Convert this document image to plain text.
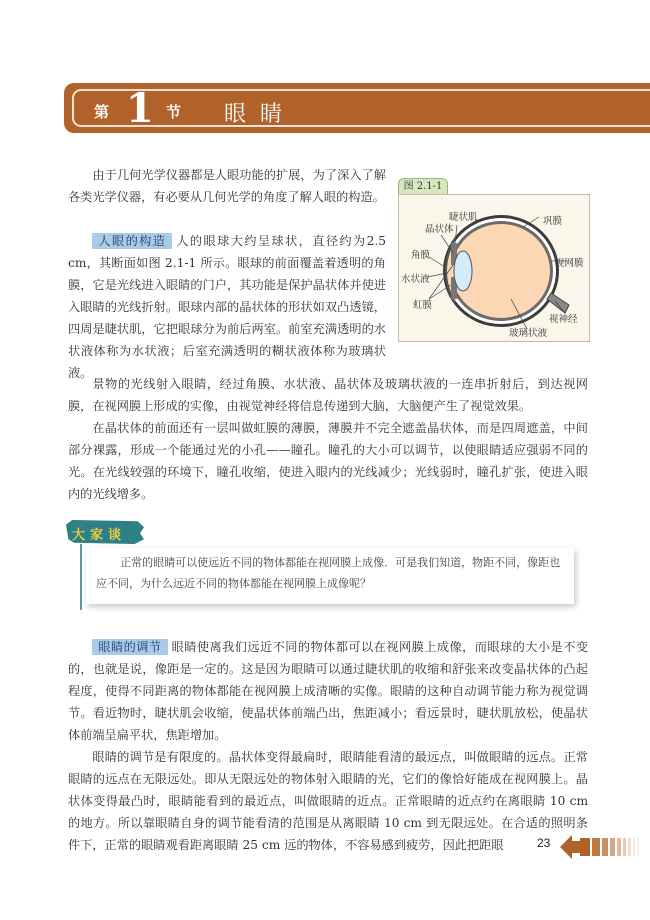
第 1 节 眼睛
由于几何光学仪器都是人眼功能的扩展，为了深入了解各类光学仪器，有必要从几何光学的角度了解人眼的构造。
人眼的构造 人的眼球大约呈球状，直径约为2.5 cm，其断面如图 2.1-1 所示。眼球的前面覆盖着透明的角膜，它是光线进入眼睛的门户，其功能是保护晶状体并使进入眼睛的光线折射。眼球内部的晶状体的形状如双凸透镜，四周是睫状肌，它把眼球分为前后两室。前室充满透明的水状液体称为水状液；后室充满透明的糊状液体称为玻璃状液。
图 2.1-1
睫状肌
晶状体
角膜
水状液
虹膜
巩膜
视网膜
视神经
玻璃状液
景物的光线射入眼睛，经过角膜、水状液、晶状体及玻璃状液的一连串折射后，到达视网膜，在视网膜上形成的实像，由视觉神经将信息传递到大脑，大脑便产生了视觉效果。
在晶状体的前面还有一层叫做虹膜的薄膜，薄膜并不完全遮盖晶状体，而是四周遮盖，中间部分裸露，形成一个能通过光的小孔——瞳孔。瞳孔的大小可以调节，以使眼睛适应强弱不同的光。在光线较强的环境下，瞳孔收缩，使进入眼内的光线减少；光线弱时，瞳孔扩张，使进入眼内的光线增多。
大家谈
正常的眼睛可以使远近不同的物体都能在视网膜上成像．可是我们知道，物距不同，像距也应不同，为什么远近不同的物体都能在视网膜上成像呢？
眼睛的调节 眼睛使离我们远近不同的物体都可以在视网膜上成像，而眼球的大小是不变的，也就是说，像距是一定的。这是因为眼睛可以通过睫状肌的收缩和舒张来改变晶状体的凸起程度，使得不同距离的物体都能在视网膜上成清晰的实像。眼睛的这种自动调节能力称为视觉调节。看近物时，睫状肌会收缩，使晶状体前端凸出，焦距减小；看远景时，睫状肌放松，使晶状体前端呈扁平状，焦距增加。
眼睛的调节是有限度的。晶状体变得最扁时，眼睛能看清的最远点，叫做眼睛的远点。正常眼睛的远点在无限远处。即从无限远处的物体射入眼睛的光，它们的像恰好能成在视网膜上。晶状体变得最凸时，眼睛能看到的最近点，叫做眼睛的近点。正常眼睛的近点约在离眼睛 10 cm 的地方。所以靠眼睛自身的调节能看清的范围是从离眼睛 10 cm 到无限远处。在合适的照明条件下，正常的眼睛观看距离眼睛 25 cm 远的物体，不容易感到疲劳，因此把距眼	23
